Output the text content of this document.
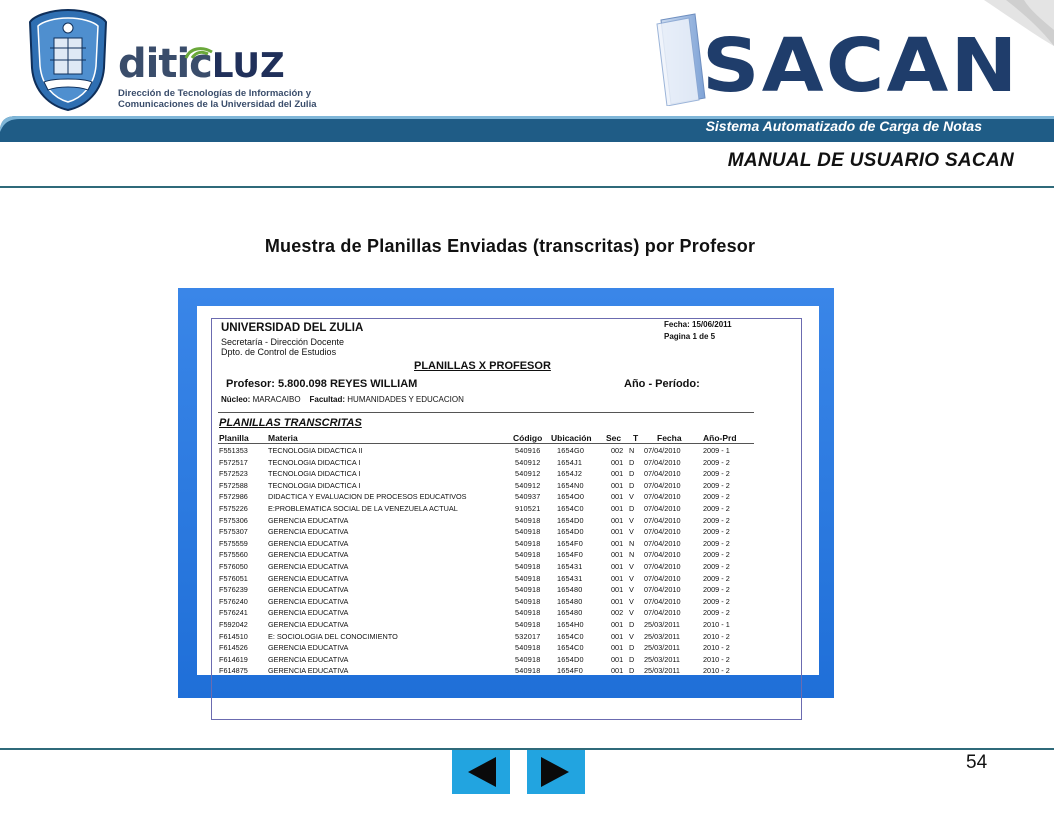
diticLUZ
Dirección de Tecnologías de Información y
Comunicaciones de la Universidad del Zulia	SACAN
Sistema Automatizado de Carga de Notas
MANUAL DE USUARIO SACAN
Muestra de Planillas Enviadas (transcritas) por Profesor
UNIVERSIDAD DEL ZULIA
Secretaría - Dirección Docente
Dpto. de Control de Estudios
Fecha: 15/06/2011
Pagina 1 de 5
PLANILLAS X PROFESOR
Profesor: 5.800.098 REYES WILLIAM	Año - Período:
Núcleo: MARACAIBO Facultad: HUMANIDADES Y EDUCACION
PLANILLAS TRANSCRITAS
Planilla Materia	Código Ubicación Sec T Fecha	Año-Prd
F551353	TECNOLOGIA DIDACTICA II	540916 1654G0	002 N 07/04/2010	2009 - 1
F572517	TECNOLOGIA DIDACTICA I	540912 1654J1	001 D 07/04/2010	2009 - 2
F572523	TECNOLOGIA DIDACTICA I	540912 1654J2	001 D 07/04/2010	2009 - 2
F572588	TECNOLOGIA DIDACTICA I	540912 1654N0	001 D 07/04/2010	2009 - 2
F572986	DIDACTICA Y EVALUACION DE PROCESOS EDUCATIVOS	540937 1654O0	001 V 07/04/2010	2009 - 2
F575226	E:PROBLEMATICA SOCIAL DE LA VENEZUELA ACTUAL	910521 1654C0	001 D 07/04/2010	2009 - 2
F575306	GERENCIA EDUCATIVA	540918 1654D0	001 V 07/04/2010	2009 - 2
F575307	GERENCIA EDUCATIVA	540918 1654D0	001 V 07/04/2010	2009 - 2
F575559	GERENCIA EDUCATIVA	540918 1654F0	001 N 07/04/2010	2009 - 2
F575560	GERENCIA EDUCATIVA	540918 1654F0	001 N 07/04/2010	2009 - 2
F576050	GERENCIA EDUCATIVA	540918 165431	001 V 07/04/2010	2009 - 2
F576051	GERENCIA EDUCATIVA	540918 165431	001 V 07/04/2010	2009 - 2
F576239	GERENCIA EDUCATIVA	540918 165480	001 V 07/04/2010	2009 - 2
F576240	GERENCIA EDUCATIVA	540918 165480	001 V 07/04/2010	2009 - 2
F576241	GERENCIA EDUCATIVA	540918 165480	002 V 07/04/2010	2009 - 2
F592042	GERENCIA EDUCATIVA	540918 1654H0	001 D 25/03/2011	2010 - 1
F614510	E: SOCIOLOGIA DEL CONOCIMIENTO	532017 1654C0	001 V 25/03/2011	2010 - 2
F614526	GERENCIA EDUCATIVA	540918 1654C0	001 D 25/03/2011	2010 - 2
F614619	GERENCIA EDUCATIVA	540918 1654D0	001 D 25/03/2011	2010 - 2
F614875	GERENCIA EDUCATIVA	540918 1654F0	001 D 25/03/2011	2010 - 2
54
